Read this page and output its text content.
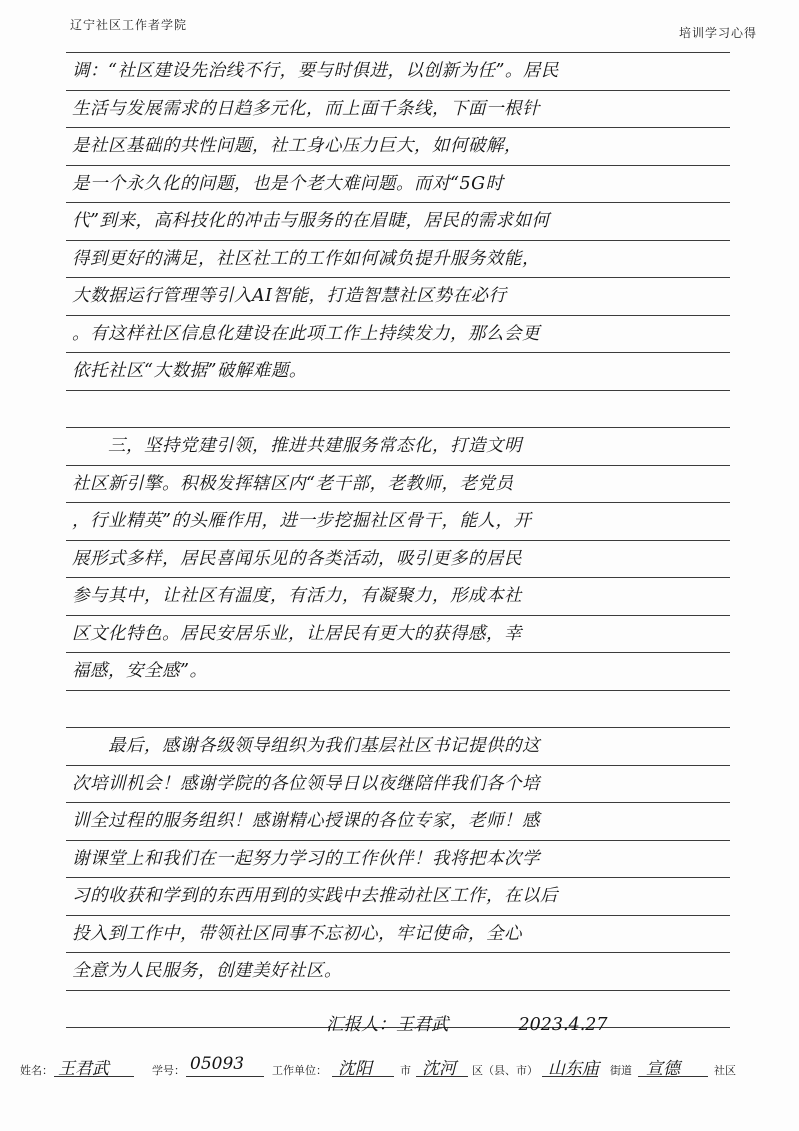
辽宁社区工作者学院
培训学习心得
调：“社区建设先治线不行，要与时俱进，以创新为任”。居民
生活与发展需求的日趋多元化，而上面千条线，下面一根针
是社区基础的共性问题，社工身心压力巨大，如何破解，
是一个永久化的问题，也是个老大难问题。而对“5G时
代”到来，高科技化的冲击与服务的在眉睫，居民的需求如何
得到更好的满足，社区社工的工作如何减负提升服务效能，
大数据运行管理等引入AI智能，打造智慧社区势在必行
。有这样社区信息化建设在此项工作上持续发力，那么会更
依托社区“大数据”破解难题。
　　三，坚持党建引领，推进共建服务常态化，打造文明
社区新引擎。积极发挥辖区内“老干部，老教师，老党员
，行业精英”的头雁作用，进一步挖掘社区骨干，能人，开
展形式多样，居民喜闻乐见的各类活动，吸引更多的居民
参与其中，让社区有温度，有活力，有凝聚力，形成本社
区文化特色。居民安居乐业，让居民有更大的获得感，幸
福感，安全感”。
　　最后，感谢各级领导组织为我们基层社区书记提供的这
次培训机会！感谢学院的各位领导日以夜继陪伴我们各个培
训全过程的服务组织！感谢精心授课的各位专家，老师！感
谢课堂上和我们在一起努力学习的工作伙伴！我将把本次学
习的收获和学到的东西用到的实践中去推动社区工作，在以后
投入到工作中，带领社区同事不忘初心，牢记使命，全心
全意为人民服务，创建美好社区。
汇报人：王君武	2023.4.27
姓名： 王君武	学号： 05093	工作单位： 沈阳	市 沈河 区（县、市） 山东庙 街道 宣德	社区
